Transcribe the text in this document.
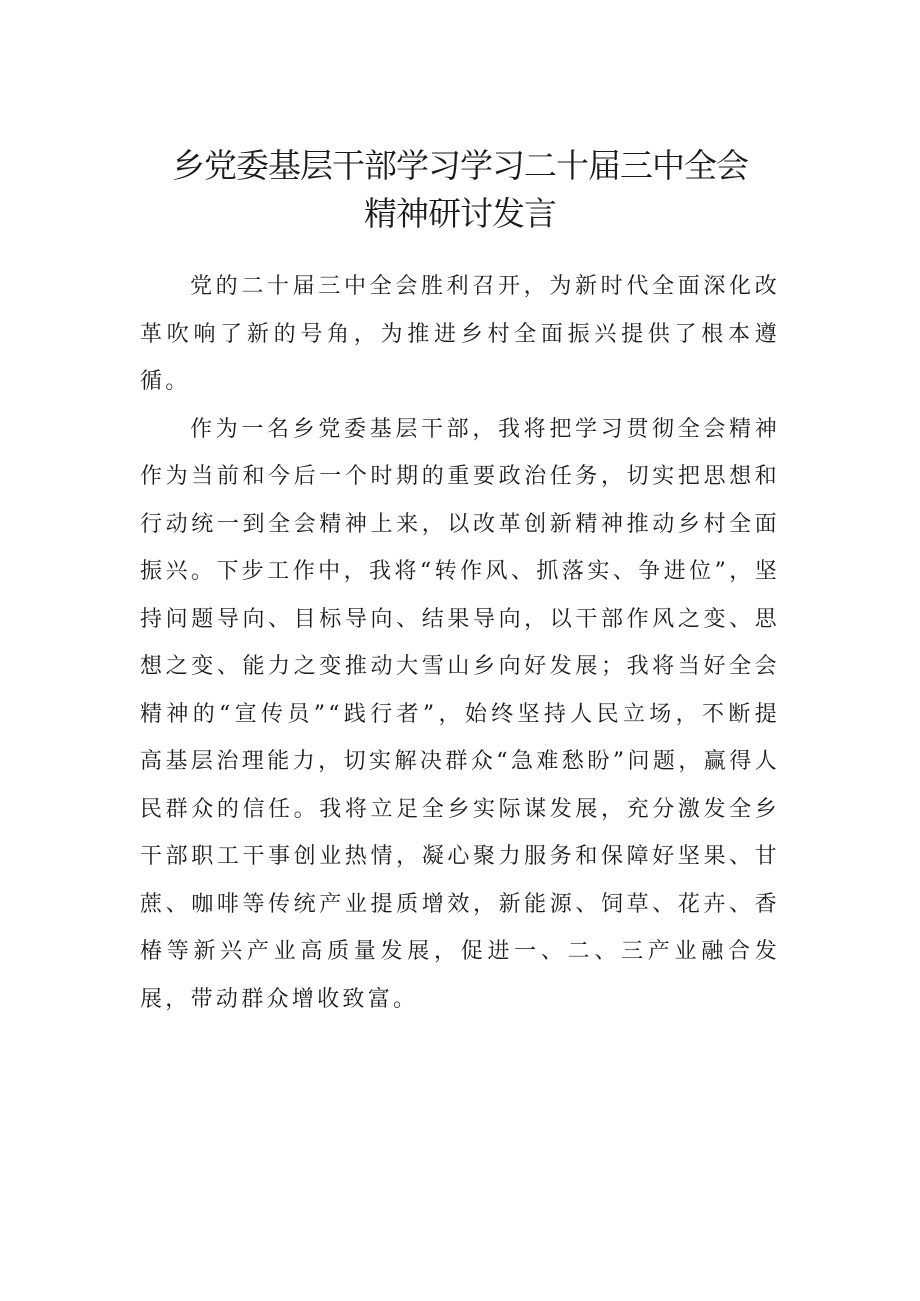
乡党委基层干部学习学习二十届三中全会
精神研讨发言

党的二十届三中全会胜利召开，为新时代全面深化改革吹响了新的号角，为推进乡村全面振兴提供了根本遵循。

作为一名乡党委基层干部，我将把学习贯彻全会精神作为当前和今后一个时期的重要政治任务，切实把思想和行动统一到全会精神上来，以改革创新精神推动乡村全面振兴。下步工作中，我将“转作风、抓落实、争进位”，坚持问题导向、目标导向、结果导向，以干部作风之变、思想之变、能力之变推动大雪山乡向好发展；我将当好全会精神的“宣传员”“践行者”，始终坚持人民立场，不断提高基层治理能力，切实解决群众“急难愁盼”问题，赢得人民群众的信任。我将立足全乡实际谋发展，充分激发全乡干部职工干事创业热情，凝心聚力服务和保障好坚果、甘蔗、咖啡等传统产业提质增效，新能源、饲草、花卉、香椿等新兴产业高质量发展，促进一、二、三产业融合发展，带动群众增收致富。
